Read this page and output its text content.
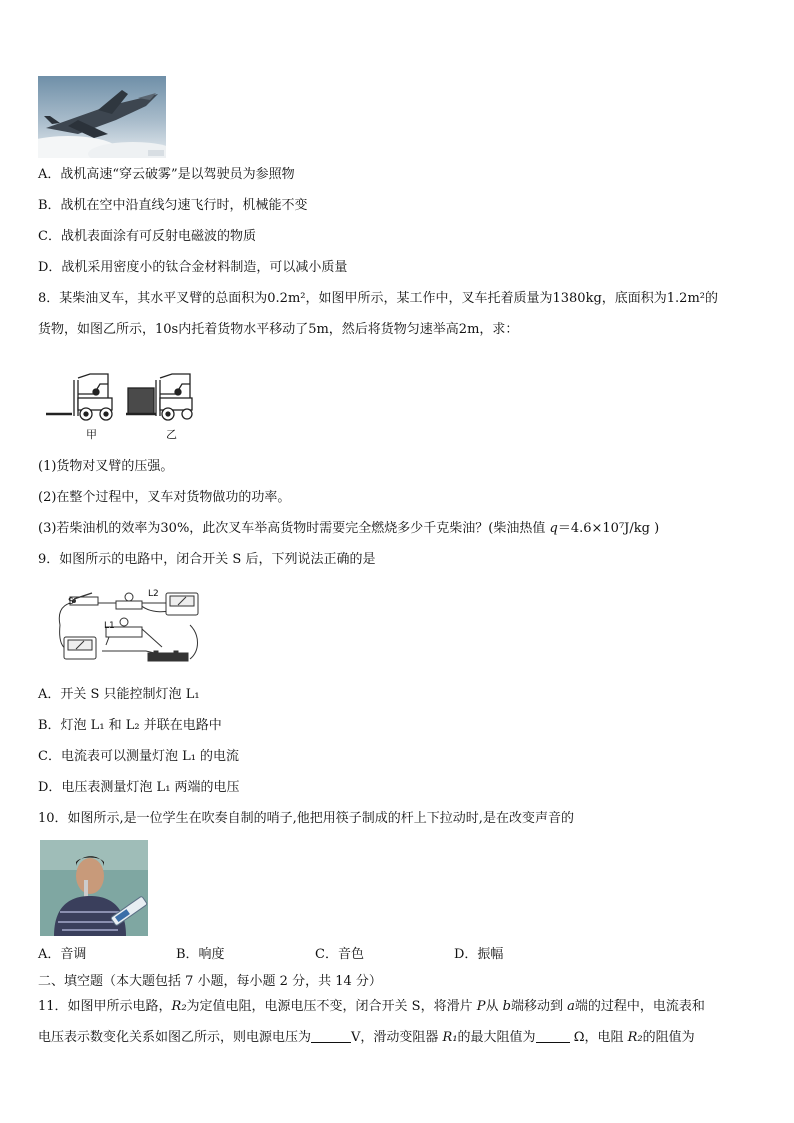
A．战机高速“穿云破雾”是以驾驶员为参照物
B．战机在空中沿直线匀速飞行时，机械能不变
C．战机表面涂有可反射电磁波的物质
D．战机采用密度小的钛合金材料制造，可以减小质量
8．某柴油叉车，其水平叉臂的总面积为0.2m²，如图甲所示，某工作中，叉车托着质量为1380kg，底面积为1.2m²的
货物，如图乙所示，10s内托着货物水平移动了5m，然后将货物匀速举高2m，求：
甲	乙
(1)货物对叉臂的压强。
(2)在整个过程中，叉车对货物做功的功率。
(3)若柴油机的效率为30%，此次叉车举高货物时需要完全燃烧多少千克柴油？(柴油热值 q＝4.6×10⁷J/kg )
9．如图所示的电路中，闭合开关 S 后，下列说法正确的是
S
L2
L1
A．开关 S 只能控制灯泡 L₁
B．灯泡 L₁ 和 L₂ 并联在电路中
C．电流表可以测量灯泡 L₁ 的电流
D．电压表测量灯泡 L₁ 两端的电压
10．如图所示,是一位学生在吹奏自制的哨子,他把用筷子制成的杆上下拉动时,是在改变声音的
A．音调	B．响度	C．音色	D．振幅
二、填空题（本大题包括 7 小题，每小题 2 分，共 14 分）
11．如图甲所示电路，R₂为定值电阻，电源电压不变，闭合开关 S，将滑片 P从 b端移动到 a端的过程中，电流表和
电压表示数变化关系如图乙所示，则电源电压为	V，滑动变阻器 R₁的最大阻值为	Ω，电阻 R₂的阻值为
